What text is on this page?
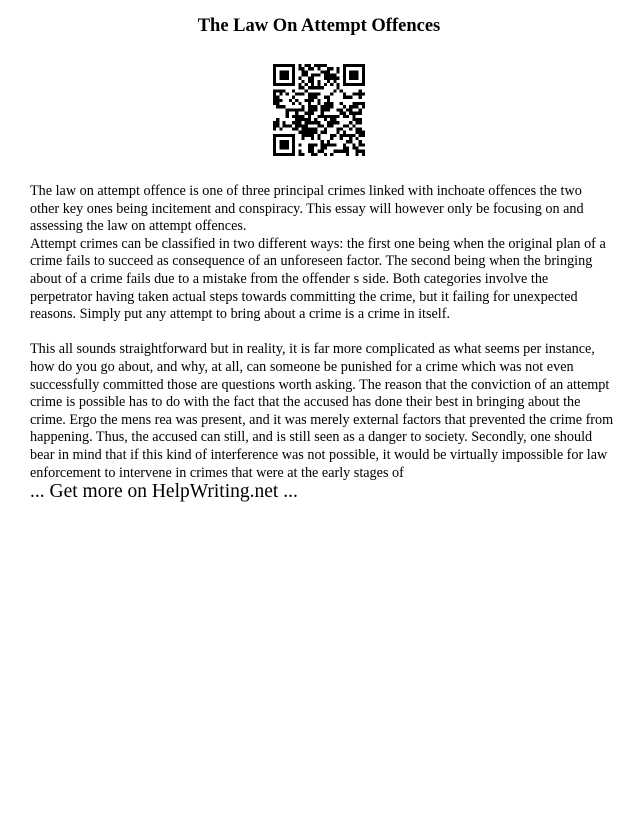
The Law On Attempt Offences

The law on attempt offence is one of three principal crimes linked with inchoate offences the two
other key ones being incitement and conspiracy. This essay will however only be focusing on and
assessing the law on attempt offences.

Attempt crimes can be classified in two different ways: the first one being when the original plan of a
crime fails to succeed as consequence of an unforeseen factor. The second being when the bringing
about of a crime fails due to a mistake from the offender s side. Both categories involve the
perpetrator having taken actual steps towards committing the crime, but it failing for unexpected
reasons. Simply put any attempt to bring about a crime is a crime in itself.

This all sounds straightforward but in reality, it is far more complicated as what seems per instance,
how do you go about, and why, at all, can someone be punished for a crime which was not even
successfully committed those are questions worth asking. The reason that the conviction of an attempt
crime is possible has to do with the fact that the accused has done their best in bringing about the
crime. Ergo the mens rea was present, and it was merely external factors that prevented the crime from
happening. Thus, the accused can still, and is still seen as a danger to society. Secondly, one should
bear in mind that if this kind of interference was not possible, it would be virtually impossible for law
enforcement to intervene in crimes that were at the early stages of

... Get more on HelpWriting.net ...
